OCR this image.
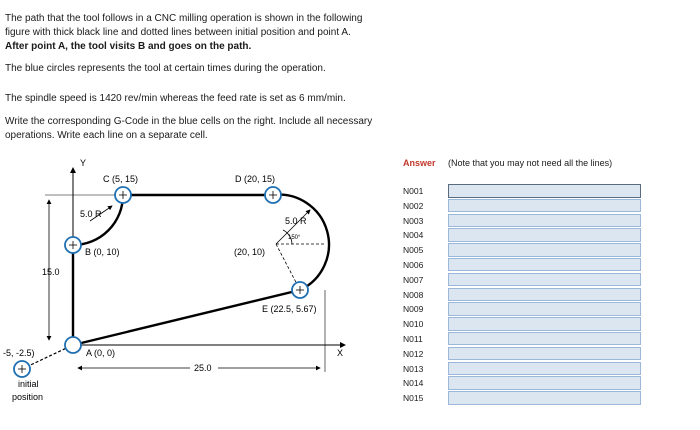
The path that the tool follows in a CNC milling operation is shown in the following
figure with thick black line and dotted lines between initial position and point A.
After point A, the tool visits B and goes on the path.
The blue circles represents the tool at certain times during the operation.
The spindle speed is 1420 rev/min whereas the feed rate is set as 6 mm/min.
Write the corresponding G-Code in the blue cells on the right. Include all necessary
operations. Write each line on a separate cell.
Y
X
C (5, 15)	D (20, 15)
5.0 R
5.0 R
150°
B (0, 10)	(20, 10)
15.0
E (22.5, 5.67)
-5, -2.5)	A (0, 0)
25.0
initial
position
Answer (Note that you may not need all the lines)
N001
N002
N003
N004
N005
N006
N007
N008
N009
N010
N011
N012
N013
N014
N015
